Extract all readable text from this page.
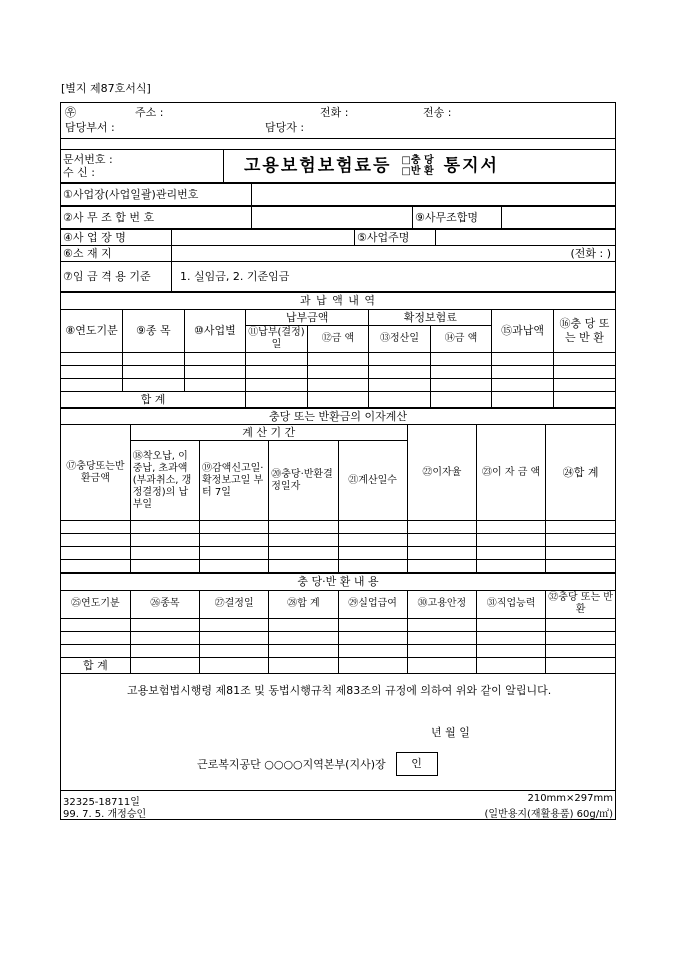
[별지 제87호서식]
㉾	주소 :	전화 :	전송 :
담당부서 :	담당자 :
문서번호 :
수 신 :	고용보험보험료등 □충 당
□반 환 통지서
①사업장(사업일괄)관리번호	
②사 무 조 합 번 호		⑨사무조합명	
④사 업 장 명		⑤사업주명	
⑥소 재 지	(전화 : )		
⑦임 금 격 용 기준	1. 실임금, 2. 기준임금		
과 납 액 내 역								
⑧연도기분	⑨종 목	⑩사업별	납부금액		확정보험료		⑮과납액	⑯충 당 또는 반 환
			⑪납부(결정)일	⑫금 액	⑬정산일	⑭금 액		

합 계								
충당 또는 반환금의 이자계산							
⑰충당또는반환금액	계 산 기 간				㉒이자율	㉓이 자 금 액	㉔합 계
	⑱착오납, 이중납, 초과액(부과취소, 갱정결정)의 납부일	⑲감액신고일·확정보고일 부터 7일	⑳충당·반환결정일자	㉑계산일수			

충 당·반 환 내 용							
㉕연도기분	㉖종목	㉗결정일	㉘합 계	㉙실업급여	㉚고용안정	㉛직업능력	㉜충당 또는 반환

합 계							
고용보험법시행령 제81조 및 동법시행규칙 제83조의 규정에 의하여 위와 같이 알립니다.
년 월 일
근로복지공단 ○○○○지역본부(지사)장	인
32325-18711일
99. 7. 5. 개정승인
210mm×297mm
(일반용지(재활용품) 60g/㎡)
